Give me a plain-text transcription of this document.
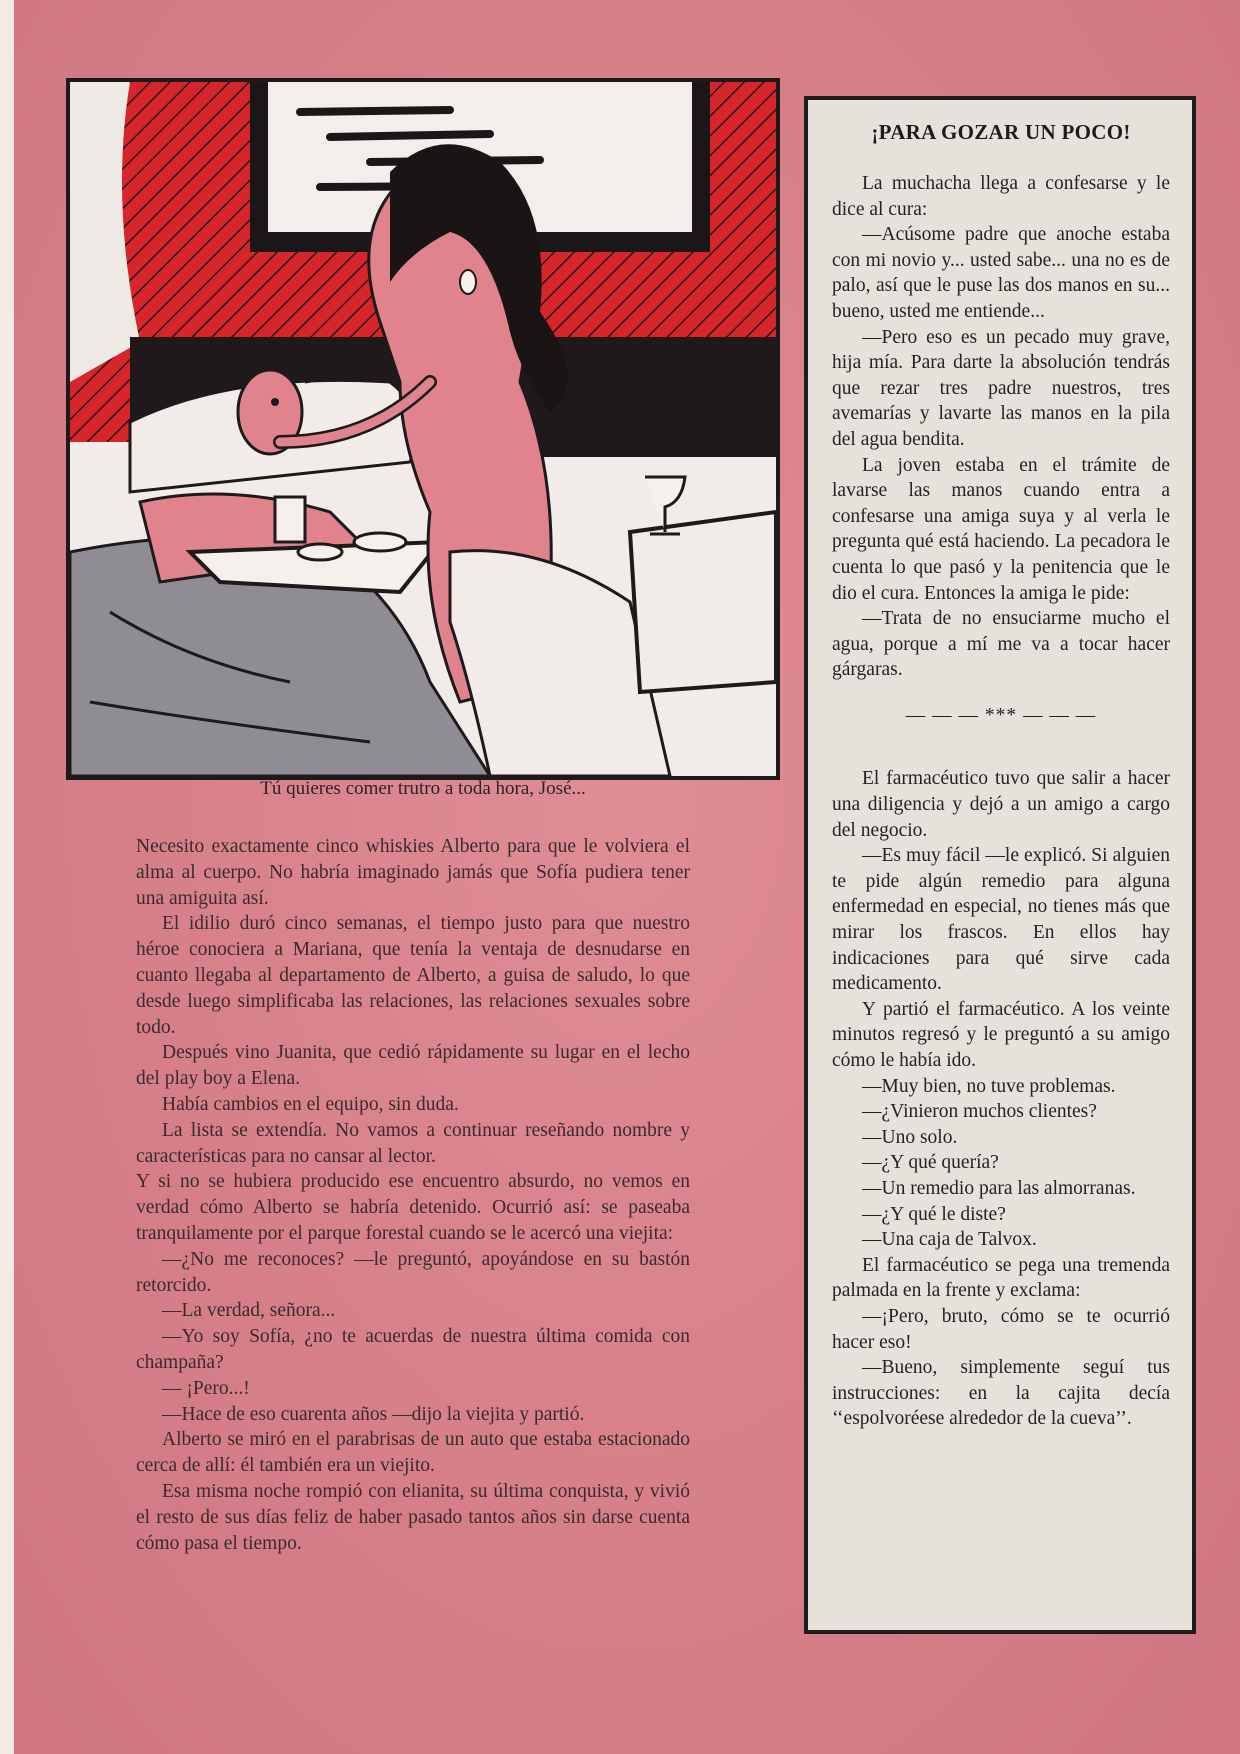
Tú quieres comer trutro a toda hora, José...

Necesito exactamente cinco whiskies Alberto para que le volviera el alma al cuerpo. No habría imaginado jamás que Sofía pudiera tener una amiguita así.

El idilio duró cinco semanas, el tiempo justo para que nuestro héroe conociera a Mariana, que tenía la ventaja de desnudarse en cuanto llegaba al departamento de Alberto, a guisa de saludo, lo que desde luego simplificaba las relaciones, las relaciones sexuales sobre todo.

Después vino Juanita, que cedió rápidamente su lugar en el lecho del play boy a Elena.

Había cambios en el equipo, sin duda.

La lista se extendía. No vamos a continuar reseñando nombre y características para no cansar al lector.

Y si no se hubiera producido ese encuentro absurdo, no vemos en verdad cómo Alberto se habría detenido. Ocurrió así: se paseaba tranquilamente por el parque forestal cuando se le acercó una viejita:

—¿No me reconoces? —le preguntó, apoyándose en su bastón retorcido.

—La verdad, señora...

—Yo soy Sofía, ¿no te acuerdas de nuestra última comida con champaña?

— ¡Pero...!

—Hace de eso cuarenta años —dijo la viejita y partió.

Alberto se miró en el parabrisas de un auto que estaba estacionado cerca de allí: él también era un viejito.

Esa misma noche rompió con elianita, su última conquista, y vivió el resto de sus días feliz de haber pasado tantos años sin darse cuenta cómo pasa el tiempo.

¡PARA GOZAR UN POCO!

La muchacha llega a confesarse y le dice al cura:

—Acúsome padre que anoche estaba con mi novio y... usted sabe... una no es de palo, así que le puse las dos manos en su... bueno, usted me entiende...

—Pero eso es un pecado muy grave, hija mía. Para darte la absolución tendrás que rezar tres padre nuestros, tres avemarías y lavarte las manos en la pila del agua bendita.

La joven estaba en el trámite de lavarse las manos cuando entra a confesarse una amiga suya y al verla le pregunta qué está haciendo. La pecadora le cuenta lo que pasó y la penitencia que le dio el cura. Entonces la amiga le pide:

—Trata de no ensuciarme mucho el agua, porque a mí me va a tocar hacer gárgaras.

— — — *** — — —

El farmacéutico tuvo que salir a hacer una diligencia y dejó a un amigo a cargo del negocio.

—Es muy fácil —le explicó. Si alguien te pide algún remedio para alguna enfermedad en especial, no tienes más que mirar los frascos. En ellos hay indicaciones para qué sirve cada medicamento.

Y partió el farmacéutico. A los veinte minutos regresó y le preguntó a su amigo cómo le había ido.

—Muy bien, no tuve problemas.

—¿Vinieron muchos clientes?

—Uno solo.

—¿Y qué quería?

—Un remedio para las almorranas.

—¿Y qué le diste?

—Una caja de Talvox.

El farmacéutico se pega una tremenda palmada en la frente y exclama:

—¡Pero, bruto, cómo se te ocurrió hacer eso!

—Bueno, simplemente seguí tus instrucciones: en la cajita decía ‘‘espolvoréese alrededor de la cueva’’.
